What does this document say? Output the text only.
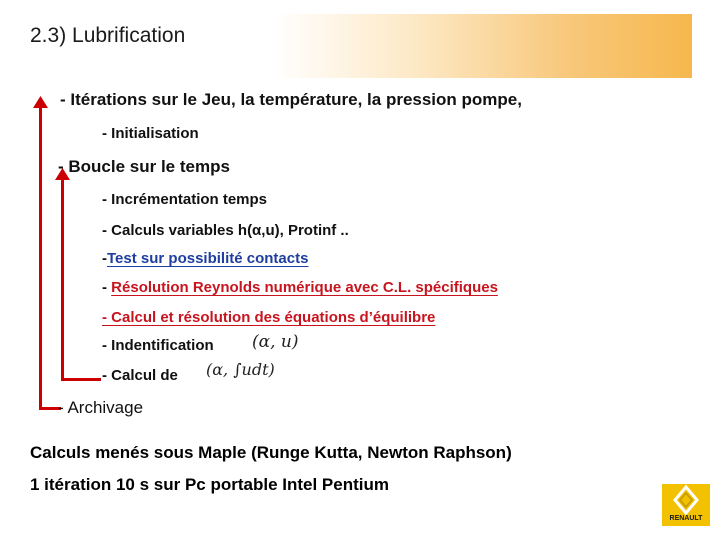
2.3) Lubrification
- Itérations sur le Jeu, la température, la pression pompe,
- Initialisation
- Boucle sur le temps
- Incrémentation temps
- Calculs variables h(α,u), Protinf ..
-Test sur possibilité contacts
- Résolution Reynolds numérique avec C.L. spécifiques
- Calcul et résolution des équations d’équilibre
- Indentification (α, u)
- Calcul de (α, ∫udt)
- Archivage
Calculs menés sous Maple (Runge Kutta, Newton Raphson)
1 itération 10 s sur Pc portable Intel Pentium
RENAULT
